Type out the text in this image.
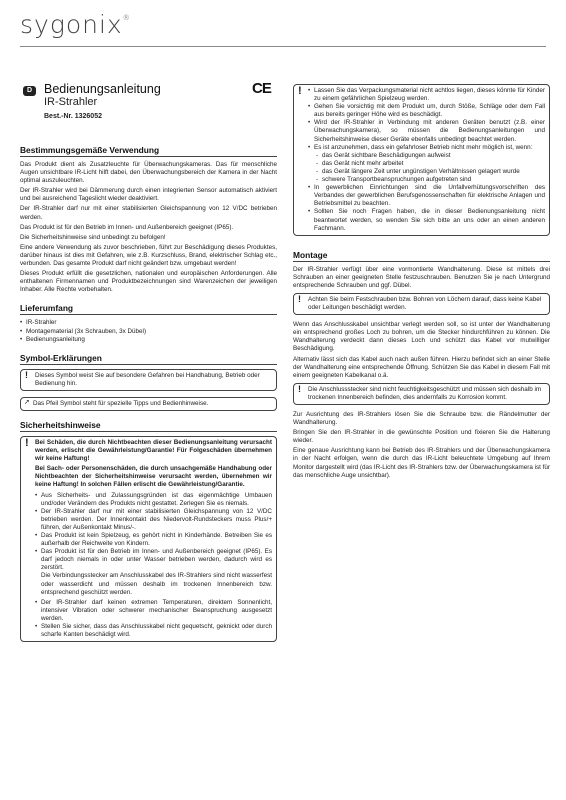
sygonix®
D Bedienungsanleitung
IR-Strahler
Best.-Nr. 1326052
Bestimmungsgemäße Verwendung

Das Produkt dient als Zusatzleuchte für Überwachungskameras. Das für menschliche Augen unsichtbare IR-Licht hilft dabei, den Überwachungsbereich der Kamera in der Nacht optimal auszuleuchten.

Der IR-Strahler wird bei Dämmerung durch einen integrierten Sensor automatisch aktiviert und bei ausreichend Tageslicht wieder deaktiviert.

Der IR-Strahler darf nur mit einer stabilisierten Gleichspannung von 12 V/DC betrieben werden.

Das Produkt ist für den Betrieb im Innen- und Außenbereich geeignet (IP65).

Die Sicherheitshinweise sind unbedingt zu befolgen!

Eine andere Verwendung als zuvor beschrieben, führt zur Beschädigung dieses Produktes, darüber hinaus ist dies mit Gefahren, wie z.B. Kurzschluss, Brand, elektrischer Schlag etc., verbunden. Das gesamte Produkt darf nicht geändert bzw. umgebaut werden!

Dieses Produkt erfüllt die gesetzlichen, nationalen und europäischen Anforderungen. Alle enthaltenen Firmennamen und Produktbezeichnungen sind Warenzeichen der jeweiligen Inhaber. Alle Rechte vorbehalten.

Lieferumfang
• IR-Strahler
• Montagematerial (3x Schrauben, 3x Dübel)
• Bedienungsanleitung
Symbol-Erklärungen
! Dieses Symbol weist Sie auf besondere Gefahren bei Handhabung, Betrieb oder Bedienung hin.
➚ Das Pfeil Symbol steht für spezielle Tipps und Bedienhinweise.
Sicherheitshinweise
! Bei Schäden, die durch Nichtbeachten dieser Bedienungsanleitung verursacht werden, erlischt die Gewährleistung/Garantie! Für Folgeschäden übernehmen wir keine Haftung!

Bei Sach- oder Personenschäden, die durch unsachgemäße Handhabung oder Nichtbeachten der Sicherheitshinweise verursacht werden, übernehmen wir keine Haftung! In solchen Fällen erlischt die Gewährleistung/Garantie.

• Aus Sicherheits- und Zulassungsgründen ist das eigenmächtige Umbauen und/oder Verändern des Produkts nicht gestattet. Zerlegen Sie es niemals.
• Der IR-Strahler darf nur mit einer stabilisierten Gleichspannung von 12 V/DC betrieben werden. Der Innenkontakt des Niedervolt-Rundsteckers muss Plus/+ führen, der Außenkontakt Minus/-.
• Das Produkt ist kein Spielzeug, es gehört nicht in Kinderhände. Betreiben Sie es außerhalb der Reichweite von Kindern.
• Das Produkt ist für den Betrieb im Innen- und Außenbereich geeignet (IP65). Es darf jedoch niemals in oder unter Wasser betrieben werden, dadurch wird es zerstört.

Die Verbindungsstecker am Anschlusskabel des IR-Strahlers sind nicht wasserfest oder wasserdicht und müssen deshalb im trockenen Innenbereich bzw. entsprechend geschützt werden.

• Der IR-Strahler darf keinen extremen Temperaturen, direktem Sonnenlicht, intensiver Vibration oder schwerer mechanischer Beanspruchung ausgesetzt werden.
• Stellen Sie sicher, dass das Anschlusskabel nicht gequetscht, geknickt oder durch scharfe Kanten beschädigt wird.
!
•	Lassen Sie das Verpackungsmaterial nicht achtlos liegen, dieses könnte für Kinder zu einem gefährlichen Spielzeug werden.
• Gehen Sie vorsichtig mit dem Produkt um, durch Stöße, Schläge oder dem Fall aus bereits geringer Höhe wird es beschädigt.
• Wird der IR-Strahler in Verbindung mit anderen Geräten benutzt (z.B. einer Überwachungskamera), so müssen die Bedienungsanleitungen und Sicherheitshinweise dieser Geräte ebenfalls unbedingt beachtet werden.
• Es ist anzunehmen, dass ein gefahrloser Betrieb nicht mehr möglich ist, wenn:
- das Gerät sichtbare Beschädigungen aufweist
- das Gerät nicht mehr arbeitet
- das Gerät längere Zeit unter ungünstigen Verhältnissen gelagert wurde
- schwere Transportbeanspruchungen aufgetreten sind
• In gewerblichen Einrichtungen sind die Unfallverhütungsvorschriften des Verbandes der gewerblichen Berufsgenossenschaften für elektrische Anlagen und Betriebsmittel zu beachten.
• Sollten Sie noch Fragen haben, die in dieser Bedienungsanleitung nicht beantwortet werden, so wenden Sie sich bitte an uns oder an einen anderen Fachmann.
Montage

Der IR-Strahler verfügt über eine vormontierte Wandhalterung. Diese ist mittels drei Schrauben an einer geeigneten Stelle festzuschrauben. Benutzen Sie je nach Untergrund entsprechende Schrauben und ggf. Dübel.

! Achten Sie beim Festschrauben bzw. Bohren von Löchern darauf, dass keine Kabel oder Leitungen beschädigt werden.

Wenn das Anschlusskabel unsichtbar verlegt werden soll, so ist unter der Wandhalterung ein entsprechend großes Loch zu bohren, um die Stecker hindurchführen zu können. Die Wandhalterung verdeckt dann dieses Loch und schützt das Kabel vor mutwilliger Beschädigung.

Alternativ lässt sich das Kabel auch nach außen führen. Hierzu befindet sich an einer Stelle der Wandhalterung eine entsprechende Öffnung. Schützen Sie das Kabel in diesem Fall mit einem geeigneten Kabelkanal o.ä.

! Die Anschlussstecker sind nicht feuchtigkeitsgeschützt und müssen sich deshalb im trockenen Innenbereich befinden, dies andernfalls zu Korrosion kommt.

Zur Ausrichtung des IR-Strahlers lösen Sie die Schraube bzw. die Rändelmutter der Wandhalterung.

Bringen Sie den IR-Strahler in die gewünschte Position und fixieren Sie die Halterung wieder.

Eine genaue Ausrichtung kann bei Betrieb des IR-Strahlers und der Überwachungskamera in der Nacht erfolgen, wenn die durch das IR-Licht beleuchtete Umgebung auf Ihrem Monitor dargestellt wird (das IR-Licht des IR-Strahlers bzw. der Überwachungskamera ist für das menschliche Auge unsichtbar).

CE
